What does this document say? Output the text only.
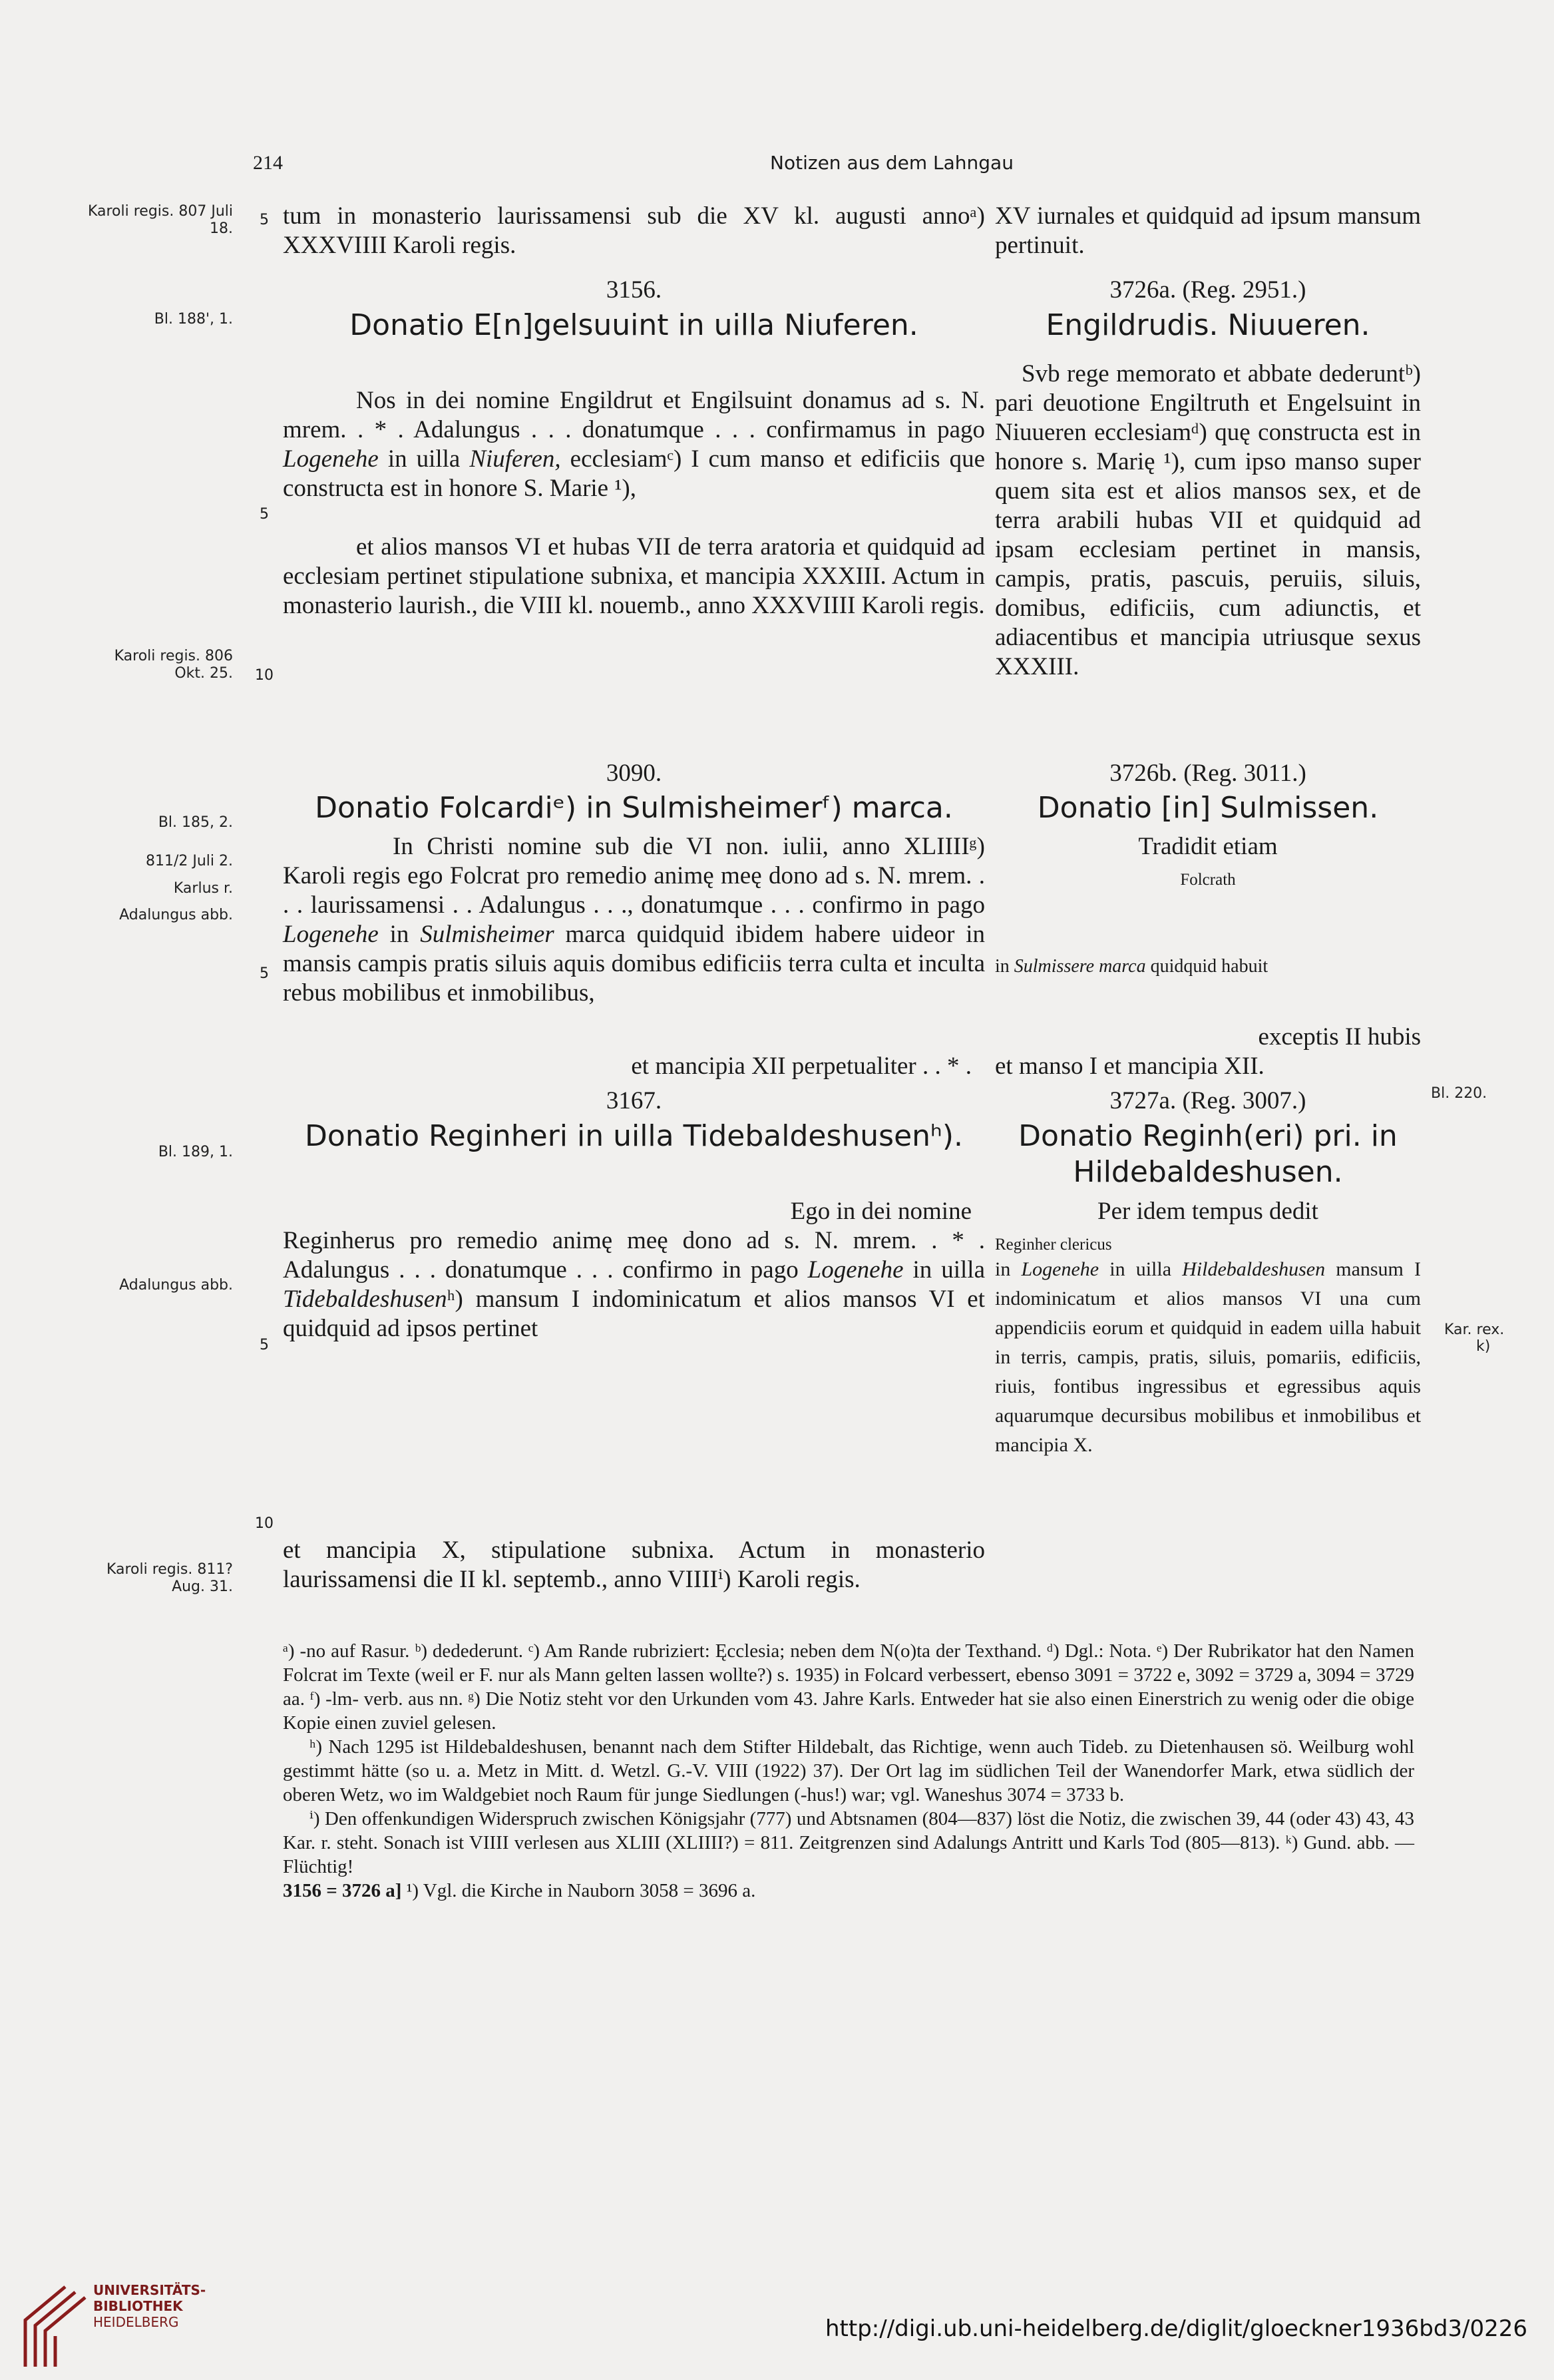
214	Notizen aus dem Lahngau
Karoli regis. 807 Juli 18.
Bl. 188', 1.
Karoli regis. 806 Okt. 25.
Bl. 185, 2.
811/2 Juli 2.
Karlus r.
Adalungus abb.
Bl. 189, 1.
Adalungus abb.
Karoli regis. 811? Aug. 31.
5
5
10
5
5
10
Bl. 220.
Kar. rex.
k)

tum in monasterio laurissamensi sub die XV kl. augusti annoᵃ) XXXVIIII Karoli regis.

3156.
Donatio E[n]gelsuuint in uilla Niuferen.

Nos in dei nomine Engildrut et Engilsuint donamus ad s. N. mrem. . * . Adalungus . . . donatumque . . . confirmamus in pago Logenehe in uilla Niuferen, ecclesiamᶜ) I cum manso et edificiis que constructa est in honore S. Marie ¹),

et alios mansos VI et hubas VII de terra aratoria et quidquid ad ecclesiam pertinet stipulatione subnixa, et mancipia XXXIII. Actum in monasterio laurish., die VIII kl. nouemb., anno XXXVIIII Karoli regis.

3090.
Donatio Folcardiᵉ) in Sulmisheimerᶠ) marca.

In Christi nomine sub die VI non. iulii, anno XLIIIIᵍ) Karoli regis ego Folcrat pro remedio animę meę dono ad s. N. mrem. . . . laurissamensi . . Adalungus . . ., donatumque . . . confirmo in pago Logenehe in Sulmisheimer marca quidquid ibidem habere uideor in mansis campis pratis siluis aquis domibus edificiis terra culta et inculta rebus mobilibus et inmobilibus,

et mancipia XII perpetualiter . . * .

3167.
Donatio Reginheri in uilla Tidebaldeshusenʰ).

Ego in dei nomine

Reginherus pro remedio animę meę dono ad s. N. mrem. . * . Adalungus . . . donatumque . . . confirmo in pago Logenehe in uilla Tidebaldeshusenʰ) mansum I indominicatum et alios mansos VI et quidquid ad ipsos pertinet

et mancipia X, stipulatione subnixa. Actum in monasterio laurissamensi die II kl. septemb., anno VIIIIⁱ) Karoli regis.

XV iurnales et quidquid ad ipsum mansum pertinuit.

3726a. (Reg. 2951.)
Engildrudis. Niuueren.

Svb rege memorato et abbate dederuntᵇ) pari deuotione Engiltruth et Engelsuint in Niuueren ecclesiamᵈ) quę constructa est in honore s. Marię ¹), cum ipso manso super quem sita est et alios mansos sex, et de terra arabili hubas VII et quidquid ad ipsam ecclesiam pertinet in mansis, campis, pratis, pascuis, peruiis, siluis, domibus, edificiis, cum adiunctis, et adiacentibus et mancipia utriusque sexus XXXIII.

3726b. (Reg. 3011.)
Donatio [in] Sulmissen.
Tradidit etiam
Folcrath

in Sulmissere marca quidquid habuit

exceptis II hubis
et manso I et mancipia XII.
3727a. (Reg. 3007.)
Donatio Reginh(eri) pri. in Hildebaldeshusen.
Per idem tempus dedit
Reginher clericus

in Logenehe in uilla Hildebaldeshusen mansum I indominicatum et alios mansos VI una cum appendiciis eorum et quidquid in eadem uilla habuit in terris, campis, pratis, siluis, pomariis, edificiis, riuis, fontibus ingressibus et egressibus aquis aquarumque decursibus mobilibus et inmobilibus et mancipia X.

ᵃ) -no auf Rasur. ᵇ) dedederunt. ᶜ) Am Rande rubriziert: Ęcclesia; neben dem N(o)ta der Texthand. ᵈ) Dgl.: Nota. ᵉ) Der Rubrikator hat den Namen Folcrat im Texte (weil er F. nur als Mann gelten lassen wollte?) s. 1935) in Folcard verbessert, ebenso 3091 = 3722 e, 3092 = 3729 a, 3094 = 3729 aa. ᶠ) -lm- verb. aus nn. ᵍ) Die Notiz steht vor den Urkunden vom 43. Jahre Karls. Entweder hat sie also einen Einerstrich zu wenig oder die obige Kopie einen zuviel gelesen.

ʰ) Nach 1295 ist Hildebaldeshusen, benannt nach dem Stifter Hildebalt, das Richtige, wenn auch Tideb. zu Dietenhausen sö. Weilburg wohl gestimmt hätte (so u. a. Metz in Mitt. d. Wetzl. G.-V. VIII (1922) 37). Der Ort lag im südlichen Teil der Wanendorfer Mark, etwa südlich der oberen Wetz, wo im Waldgebiet noch Raum für junge Siedlungen (-hus!) war; vgl. Waneshus 3074 = 3733 b.

ⁱ) Den offenkundigen Widerspruch zwischen Königsjahr (777) und Abtsnamen (804—837) löst die Notiz, die zwischen 39, 44 (oder 43) 43, 43 Kar. r. steht. Sonach ist VIIII verlesen aus XLIII (XLIIII?) = 811. Zeitgrenzen sind Adalungs Antritt und Karls Tod (805—813). ᵏ) Gund. abb. — Flüchtig!

3156 = 3726 a] ¹) Vgl. die Kirche in Nauborn 3058 = 3696 a.

UNIVERSITÄTS-
BIBLIOTHEK
HEIDELBERG	http://digi.ub.uni-heidelberg.de/diglit/gloeckner1936bd3/0226
